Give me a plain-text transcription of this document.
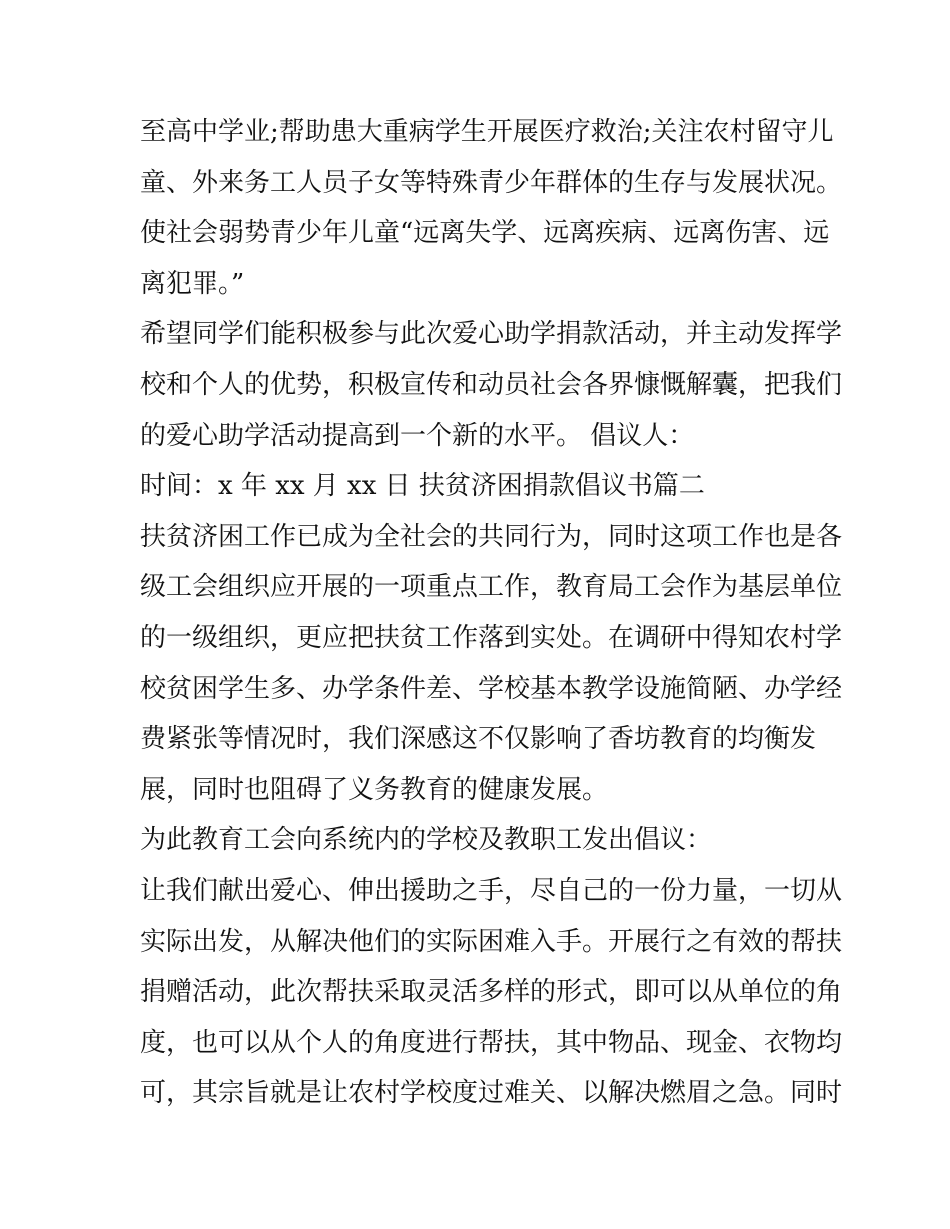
至高中学业;帮助患大重病学生开展医疗救治;关注农村留守儿
童、外来务工人员子女等特殊青少年群体的生存与发展状况。
使社会弱势青少年儿童“远离失学、远离疾病、远离伤害、远
离犯罪。”
希望同学们能积极参与此次爱心助学捐款活动，并主动发挥学
校和个人的优势，积极宣传和动员社会各界慷慨解囊，把我们
的爱心助学活动提高到一个新的水平。 倡议人：
时间：x 年 xx 月 xx 日 扶贫济困捐款倡议书篇二
扶贫济困工作已成为全社会的共同行为，同时这项工作也是各
级工会组织应开展的一项重点工作，教育局工会作为基层单位
的一级组织，更应把扶贫工作落到实处。在调研中得知农村学
校贫困学生多、办学条件差、学校基本教学设施简陋、办学经
费紧张等情况时，我们深感这不仅影响了香坊教育的均衡发
展，同时也阻碍了义务教育的健康发展。
为此教育工会向系统内的学校及教职工发出倡议：
让我们献出爱心、伸出援助之手，尽自己的一份力量，一切从
实际出发，从解决他们的实际困难入手。开展行之有效的帮扶
捐赠活动，此次帮扶采取灵活多样的形式，即可以从单位的角
度，也可以从个人的角度进行帮扶，其中物品、现金、衣物均
可，其宗旨就是让农村学校度过难关、以解决燃眉之急。同时
